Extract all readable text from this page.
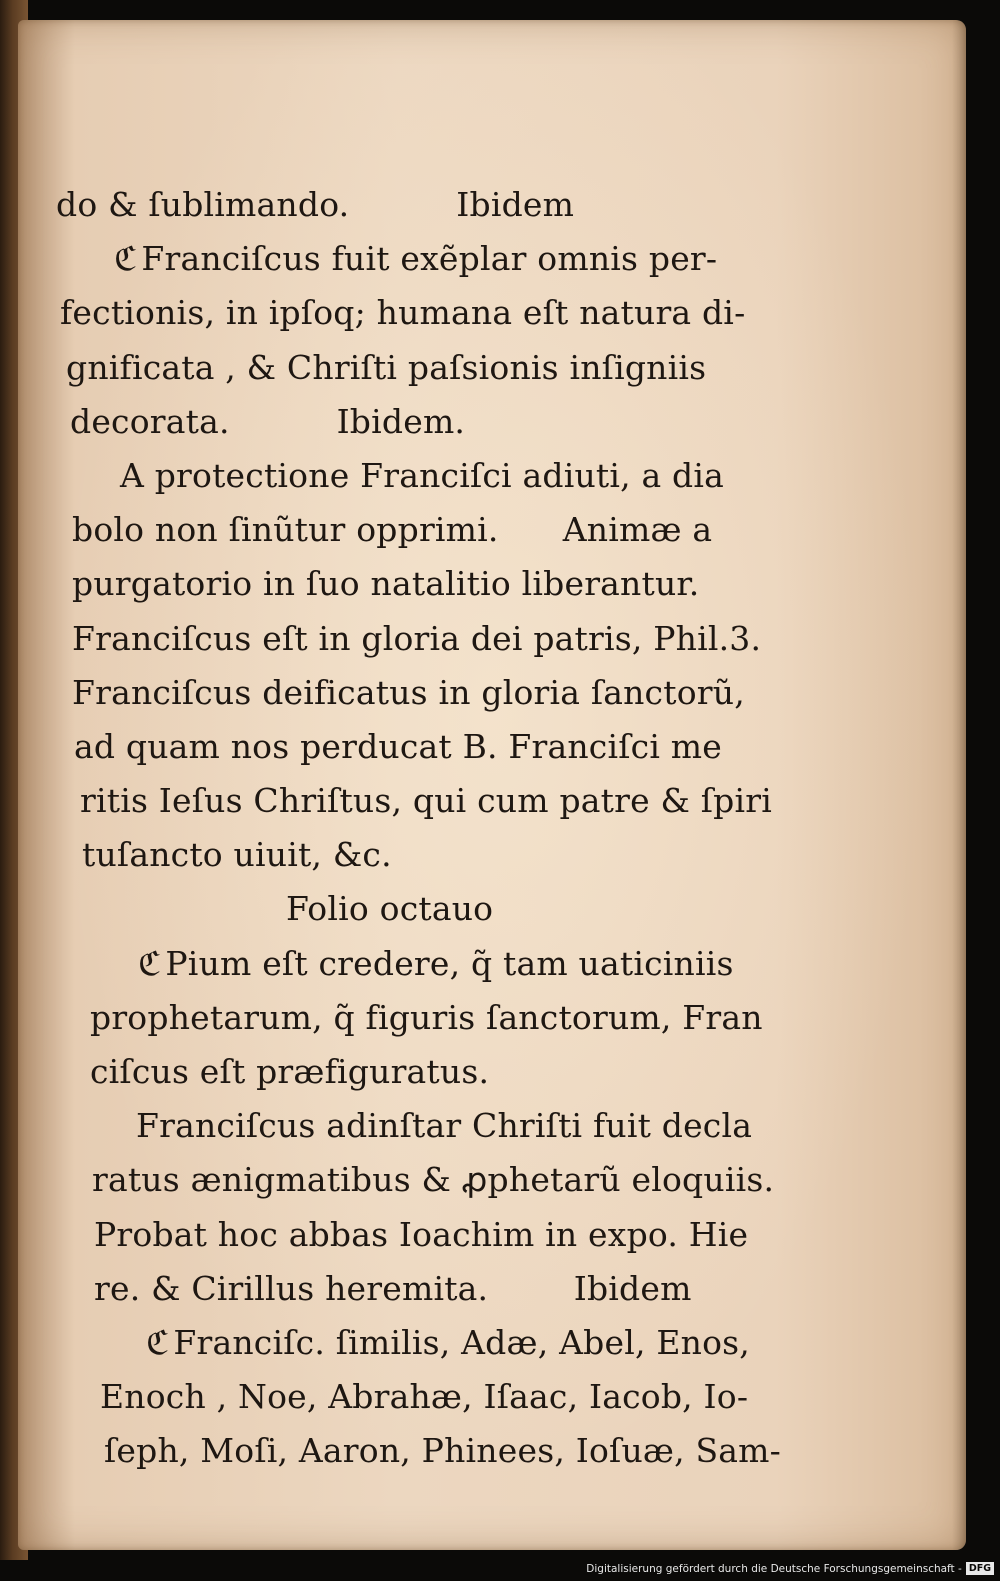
do & ſublimando.          Ibidem
ℭ Franciſcus fuit exẽplar omnis per-
fectionis, in ipſoq; humana eſt natura di-
gnificata , & Chriſti paſsionis inſigniis
decorata.          Ibidem.
A protectione Franciſci adiuti, a dia
bolo non ſinũtur opprimi.      Animæ a
purgatorio in ſuo natalitio liberantur.
Franciſcus eſt in gloria dei patris, Phil.3.
Franciſcus deificatus in gloria ſanctorũ,
ad quam nos perducat B. Franciſci me
ritis Ieſus Chriſtus, qui cum patre & ſpiri
tuſancto uiuit, &c.
Folio octauo
ℭ Pium eſt credere, q̃ tam uaticiniis
prophetarum, q̃ figuris ſanctorum, Fran
ciſcus eſt præfiguratus.
Franciſcus adinſtar Chriſti fuit decla
ratus ænigmatibus & ꝓphetarũ eloquiis.
Probat hoc abbas Ioachim in expo. Hie
re. & Cirillus heremita.        Ibidem
ℭ Franciſc. ſimilis, Adæ, Abel, Enos,
Enoch , Noe, Abrahæ, Iſaac, Iacob, Io-
ſeph, Moſi, Aaron, Phinees, Ioſuæ, Sam-
Digitalisierung gefördert durch die Deutsche Forschungsgemeinschaft - DFG
